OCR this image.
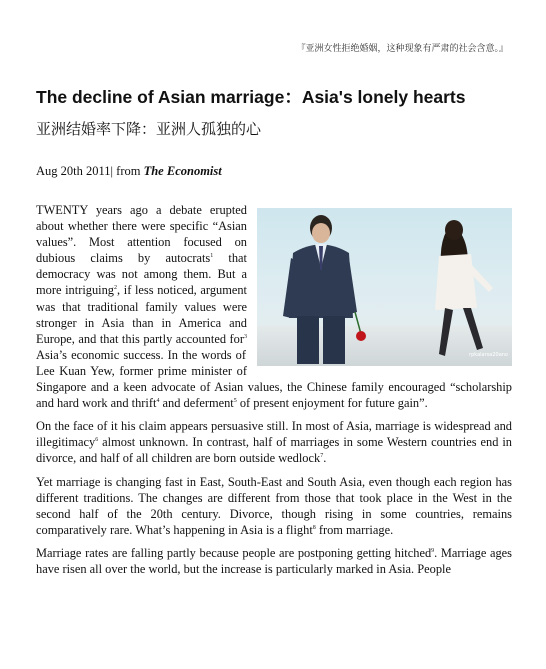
『亚洲女性拒绝婚姻，这种现象有严肃的社会含意。』
The decline of Asian marriage：Asia's lonely hearts
亚洲结婚率下降：亚洲人孤独的心
Aug 20th 2011| from The Economist
rpkalarsa20ano

TWENTY years ago a debate erupted about whether there were specific “Asian values”. Most attention focused on dubious claims by autocrats$^1$ that democracy was not among them. But a more intriguing$^2$, if less noticed, argument was that traditional family values were stronger in Asia than in America and Europe, and that this partly accounted for$^3$ Asia’s economic success. In the words of Lee Kuan Yew, former prime minister of Singapore and a keen advocate of Asian values, the Chinese family encouraged “scholarship and hard work and thrift$^4$ and deferment$^5$ of present enjoyment for future gain”.

On the face of it his claim appears persuasive still. In most of Asia, marriage is widespread and illegitimacy$^6$ almost unknown. In contrast, half of marriages in some Western countries end in divorce, and half of all children are born outside wedlock$^7$.

Yet marriage is changing fast in East, South-East and South Asia, even though each region has different traditions. The changes are different from those that took place in the West in the second half of the 20th century. Divorce, though rising in some countries, remains comparatively rare. What’s happening in Asia is a flight$^8$ from marriage.

Marriage rates are falling partly because people are postponing getting hitched$^9$. Marriage ages have risen all over the world, but the increase is particularly marked in Asia. People
